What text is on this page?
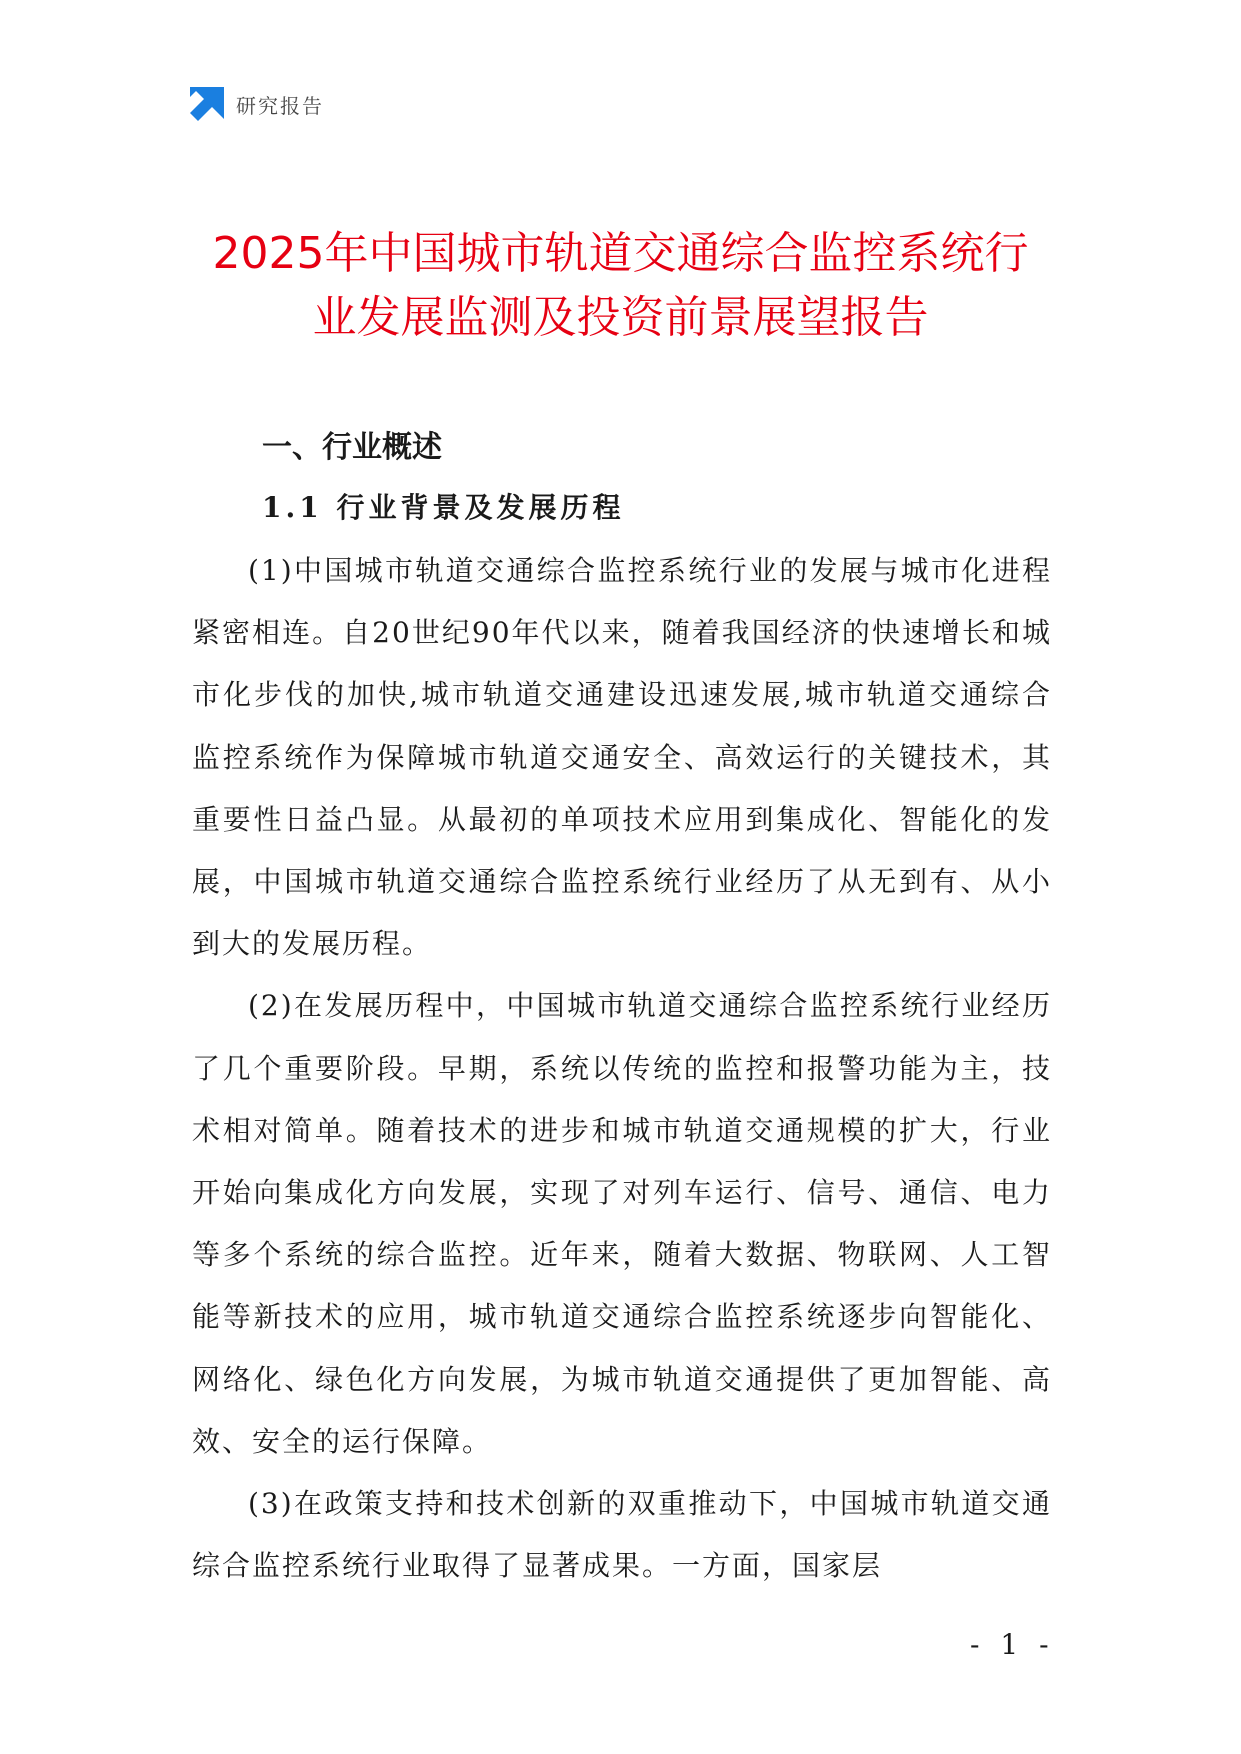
研究报告
2025年中国城市轨道交通综合监控系统行
业发展监测及投资前景展望报告
一、行业概述
1.1 行业背景及发展历程

(1)中国城市轨道交通综合监控系统行业的发展与城市化进程紧密相连。自20世纪90年代以来，随着我国经济的快速增长和城市化步伐的加快,城市轨道交通建设迅速发展,城市轨道交通综合监控系统作为保障城市轨道交通安全、高效运行的关键技术，其重要性日益凸显。从最初的单项技术应用到集成化、智能化的发展，中国城市轨道交通综合监控系统行业经历了从无到有、从小到大的发展历程。

(2)在发展历程中，中国城市轨道交通综合监控系统行业经历了几个重要阶段。早期，系统以传统的监控和报警功能为主，技术相对简单。随着技术的进步和城市轨道交通规模的扩大，行业开始向集成化方向发展，实现了对列车运行、信号、通信、电力等多个系统的综合监控。近年来，随着大数据、物联网、人工智能等新技术的应用，城市轨道交通综合监控系统逐步向智能化、网络化、绿色化方向发展，为城市轨道交通提供了更加智能、高效、安全的运行保障。

(3)在政策支持和技术创新的双重推动下，中国城市轨道交通综合监控系统行业取得了显著成果。一方面，国家层

- 1 -
